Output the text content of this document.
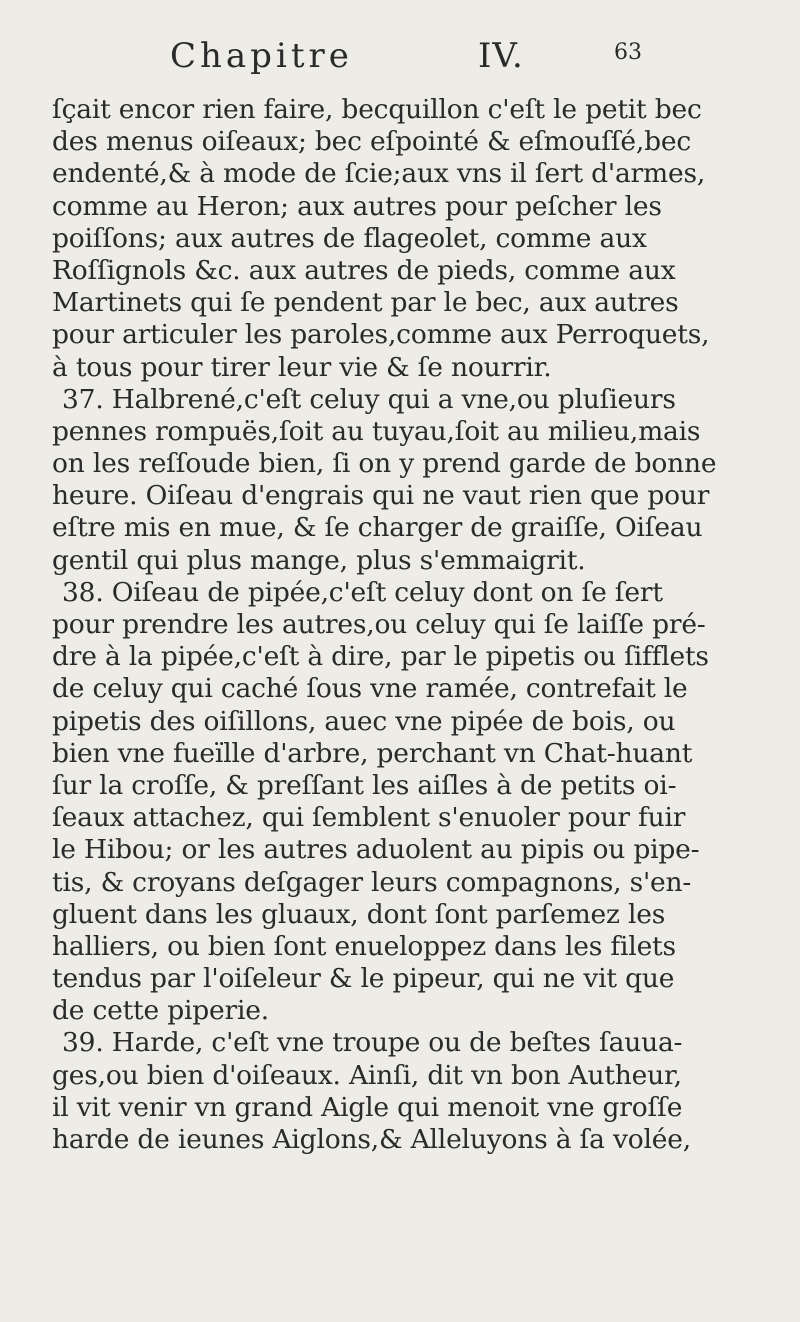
Chapitre	IV.	63
ſçait encor rien faire, becquillon c'eſt le petit bec
des menus oiſeaux; bec eſpointé & eſmouſſé,bec
endenté,& à mode de ſcie;aux vns il ſert d'armes,
comme au Heron; aux autres pour peſcher les
poiſſons; aux autres de flageolet, comme aux
Roſſignols &c. aux autres de pieds, comme aux
Martinets qui ſe pendent par le bec, aux autres
pour articuler les paroles,comme aux Perroquets,
à tous pour tirer leur vie & ſe nourrir.
37. Halbrené,c'eſt celuy qui a vne,ou pluſieurs
pennes rompuës,ſoit au tuyau,ſoit au milieu,mais
on les reſſoude bien, ſi on y prend garde de bonne
heure. Oiſeau d'engrais qui ne vaut rien que pour
eſtre mis en mue, & ſe charger de graiſſe, Oiſeau
gentil qui plus mange, plus s'emmaigrit.
38. Oiſeau de pipée,c'eſt celuy dont on ſe ſert
pour prendre les autres,ou celuy qui ſe laiſſe pré-
dre à la pipée,c'eſt à dire, par le pipetis ou ſifflets
de celuy qui caché ſous vne ramée, contrefait le
pipetis des oiſillons, auec vne pipée de bois, ou
bien vne fueïlle d'arbre, perchant vn Chat-huant
ſur la croſſe, & preſſant les aiſles à de petits oi-
ſeaux attachez, qui ſemblent s'enuoler pour fuir
le Hibou; or les autres aduolent au pipis ou pipe-
tis, & croyans deſgager leurs compagnons, s'en-
gluent dans les gluaux, dont ſont parſemez les
halliers, ou bien ſont enueloppez dans les filets
tendus par l'oiſeleur & le pipeur, qui ne vit que
de cette piperie.
39. Harde, c'eſt vne troupe ou de beſtes ſauua-
ges,ou bien d'oiſeaux. Ainſi, dit vn bon Autheur,
il vit venir vn grand Aigle qui menoit vne groſſe
harde de ieunes Aiglons,& Alleluyons à ſa volée,
